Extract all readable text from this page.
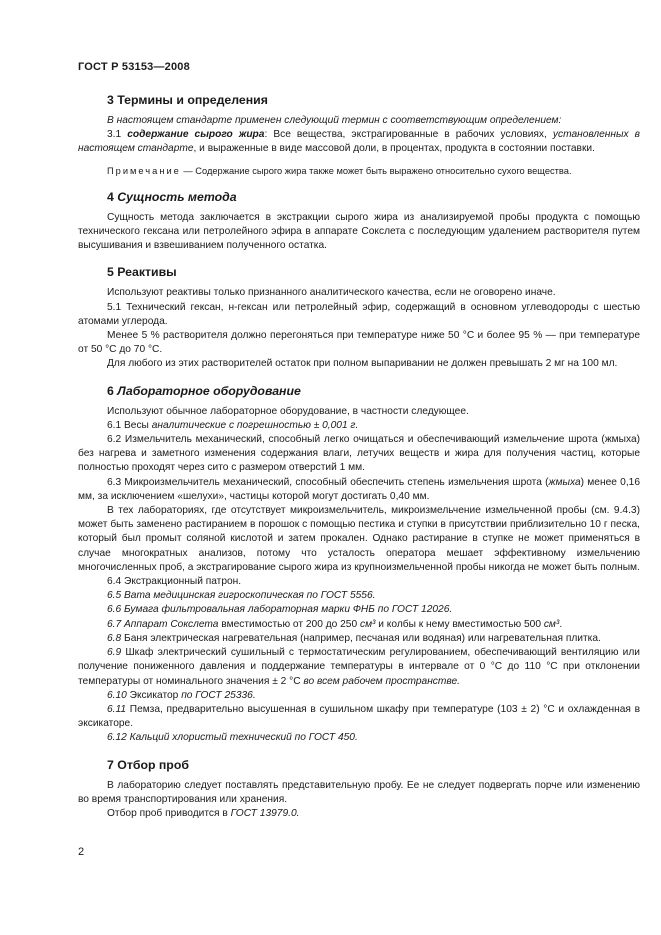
ГОСТ Р 53153—2008
3 Термины и определения

В настоящем стандарте применен следующий термин с соответствующим определением:

3.1 содержание сырого жира: Все вещества, экстрагированные в рабочих условиях, установленных в настоящем стандарте, и выраженные в виде массовой доли, в процентах, продукта в состоянии поставки.

Примечание — Содержание сырого жира также может быть выражено относительно сухого вещества.

4 Сущность метода

Сущность метода заключается в экстракции сырого жира из анализируемой пробы продукта с помощью технического гексана или петролейного эфира в аппарате Сокслета с последующим удалением растворителя путем высушивания и взвешиванием полученного остатка.

5 Реактивы

Используют реактивы только признанного аналитического качества, если не оговорено иначе.

5.1 Технический гексан, н-гексан или петролейный эфир, содержащий в основном углеводороды с шестью атомами углерода.

Менее 5 % растворителя должно перегоняться при температуре ниже 50 °С и более 95 % — при температуре от 50 °С до 70 °С.

Для любого из этих растворителей остаток при полном выпаривании не должен превышать 2 мг на 100 мл.

6 Лабораторное оборудование

Используют обычное лабораторное оборудование, в частности следующее.

6.1 Весы аналитические с погрешностью ± 0,001 г.

6.2 Измельчитель механический, способный легко очищаться и обеспечивающий измельчение шрота (жмыха) без нагрева и заметного изменения содержания влаги, летучих веществ и жира для получения частиц, которые полностью проходят через сито с размером отверстий 1 мм.

6.3 Микроизмельчитель механический, способный обеспечить степень измельчения шрота (жмыха) менее 0,16 мм, за исключением «шелухи», частицы которой могут достигать 0,40 мм.

В тех лабораториях, где отсутствует микроизмельчитель, микроизмельчение измельченной пробы (см. 9.4.3) может быть заменено растиранием в порошок с помощью пестика и ступки в присутствии приблизительно 10 г песка, который был промыт соляной кислотой и затем прокален. Однако растирание в ступке не может применяться в случае многократных анализов, потому что усталость оператора мешает эффективному измельчению многочисленных проб, а экстрагирование сырого жира из крупноизмельченной пробы никогда не может быть полным.

6.4 Экстракционный патрон.

6.5 Вата медицинская гигроскопическая по ГОСТ 5556.

6.6 Бумага фильтровальная лабораторная марки ФНБ по ГОСТ 12026.

6.7 Аппарат Сокслета вместимостью от 200 до 250 см³ и колбы к нему вместимостью 500 см³.

6.8 Баня электрическая нагревательная (например, песчаная или водяная) или нагревательная плитка.

6.9 Шкаф электрический сушильный с термостатическим регулированием, обеспечивающий вентиляцию или получение пониженного давления и поддержание температуры в интервале от 0 °С до 110 °С при отклонении температуры от номинального значения ± 2 °С во всем рабочем пространстве.

6.10 Эксикатор по ГОСТ 25336.

6.11 Пемза, предварительно высушенная в сушильном шкафу при температуре (103 ± 2) °С и охлажденная в эксикаторе.

6.12 Кальций хлористый технический по ГОСТ 450.

7 Отбор проб

В лабораторию следует поставлять представительную пробу. Ее не следует подвергать порче или изменению во время транспортирования или хранения.

Отбор проб приводится в ГОСТ 13979.0.

2
